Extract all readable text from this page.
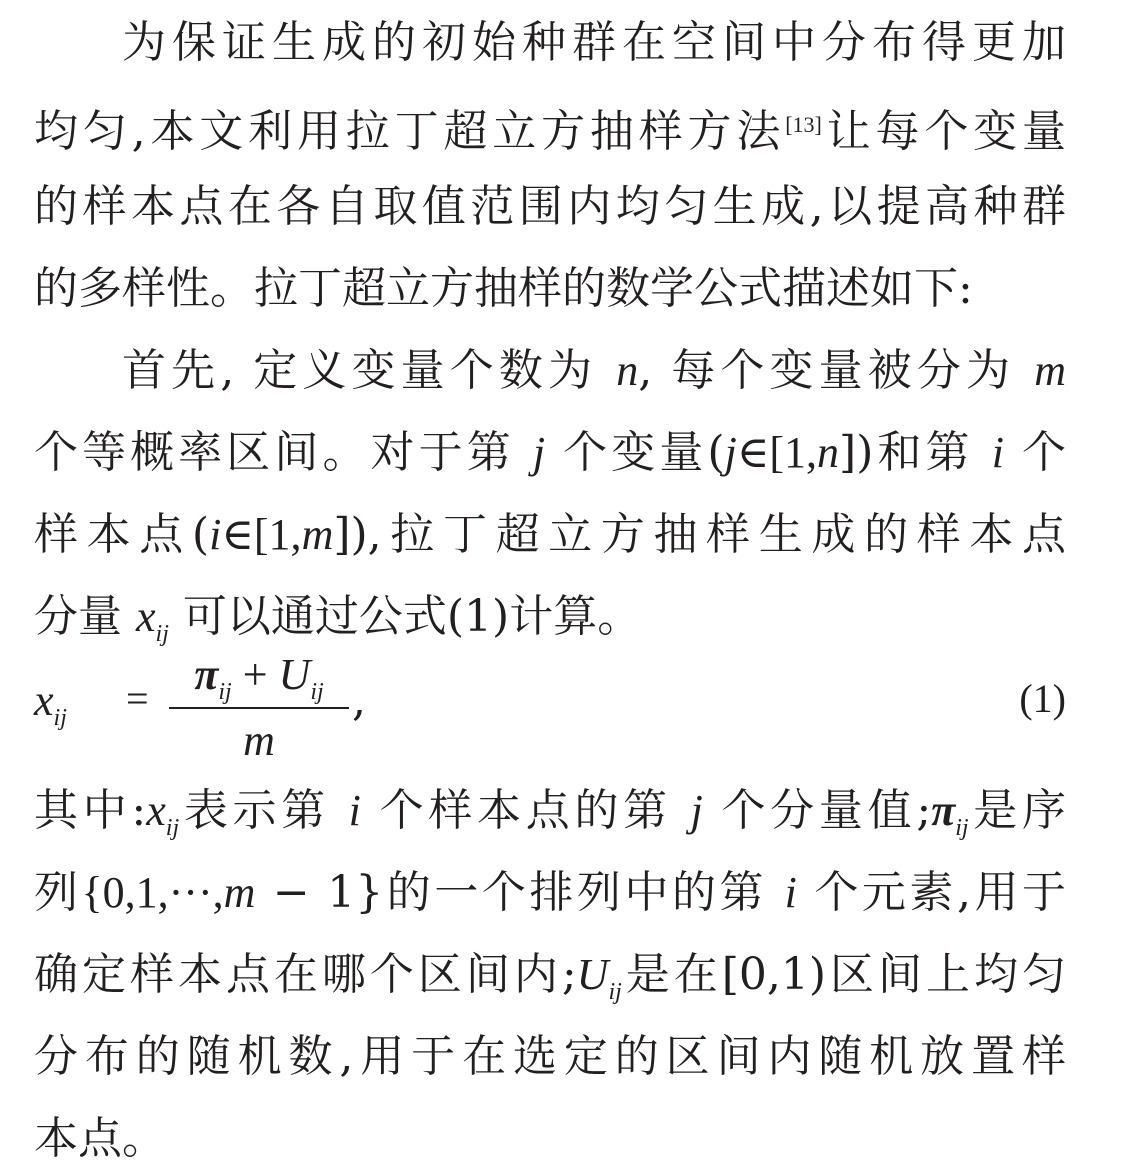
为保证生成的初始种群在空间中分布得更加
均匀,本文利用拉丁超立方抽样方法[13]让每个变量
的样本点在各自取值范围内均匀生成,以提高种群
的多样性。拉丁超立方抽样的数学公式描述如下:
首先, 定义变量个数为 n, 每个变量被分为 m
个等概率区间。对于第 j 个变量(j∈[1,n])和第 i 个
样本点(i∈[1,m]),拉丁超立方抽样生成的样本点
分量 $x_{ij}$ 可以通过公式(1)计算。
$x_{ij}$ =	$\pi_{ij} + U_{ij}$
m
,	(1)
其中$:x_{ij}$表示第 i 个样本点的第 j 个分量值$;\pi_{ij}$是序
列{0,1,···,m − 1}的一个排列中的第 i 个元素,用于
确定样本点在哪个区间内$;U_{ij}$是在[0,1)区间上均匀
分布的随机数,用于在选定的区间内随机放置样
本点。
